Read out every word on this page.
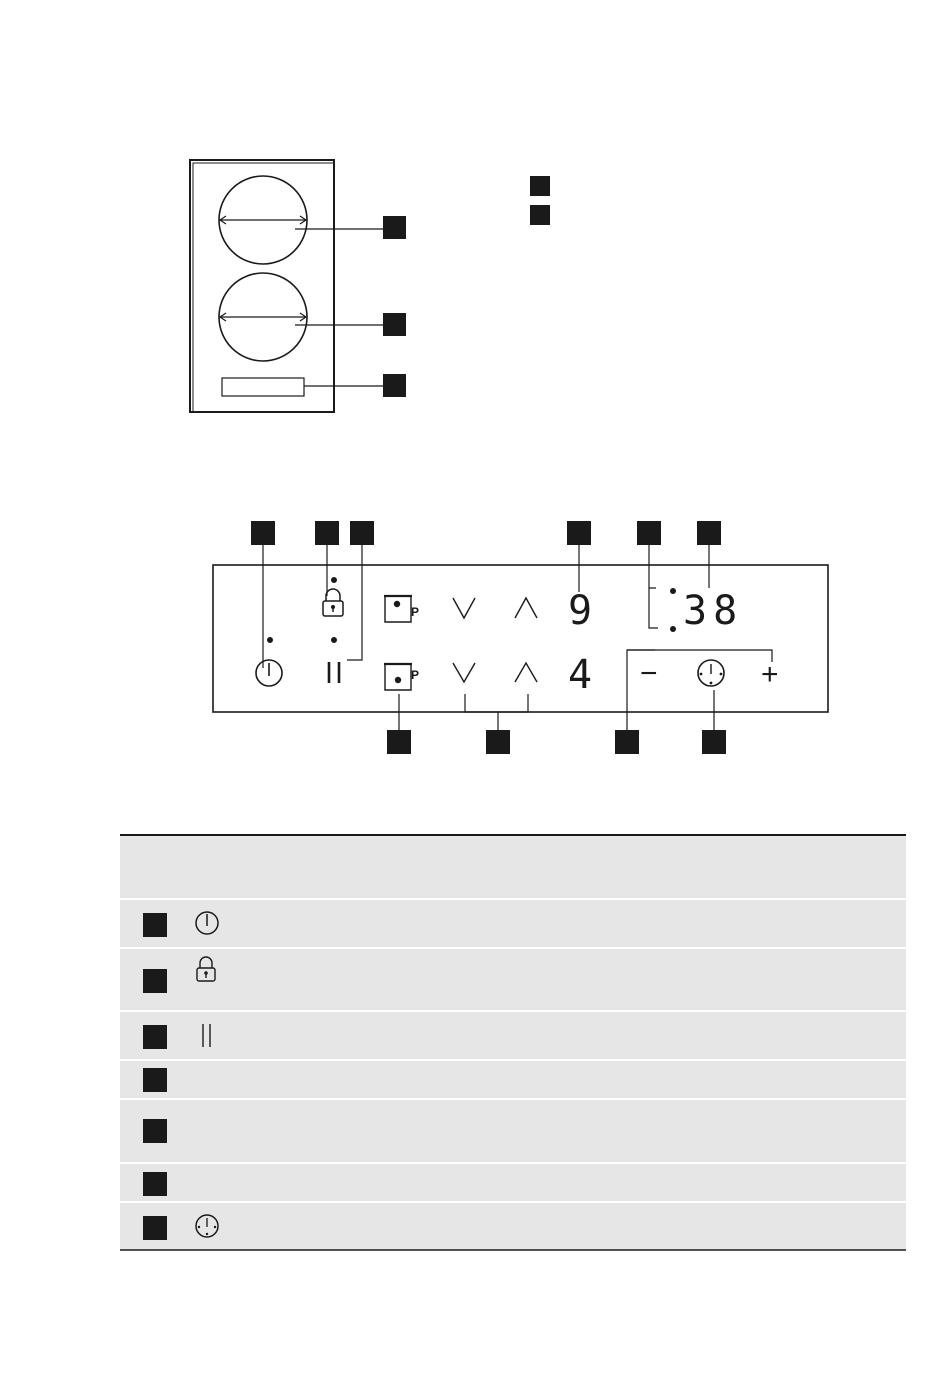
P
P
9
4
38
−	+
